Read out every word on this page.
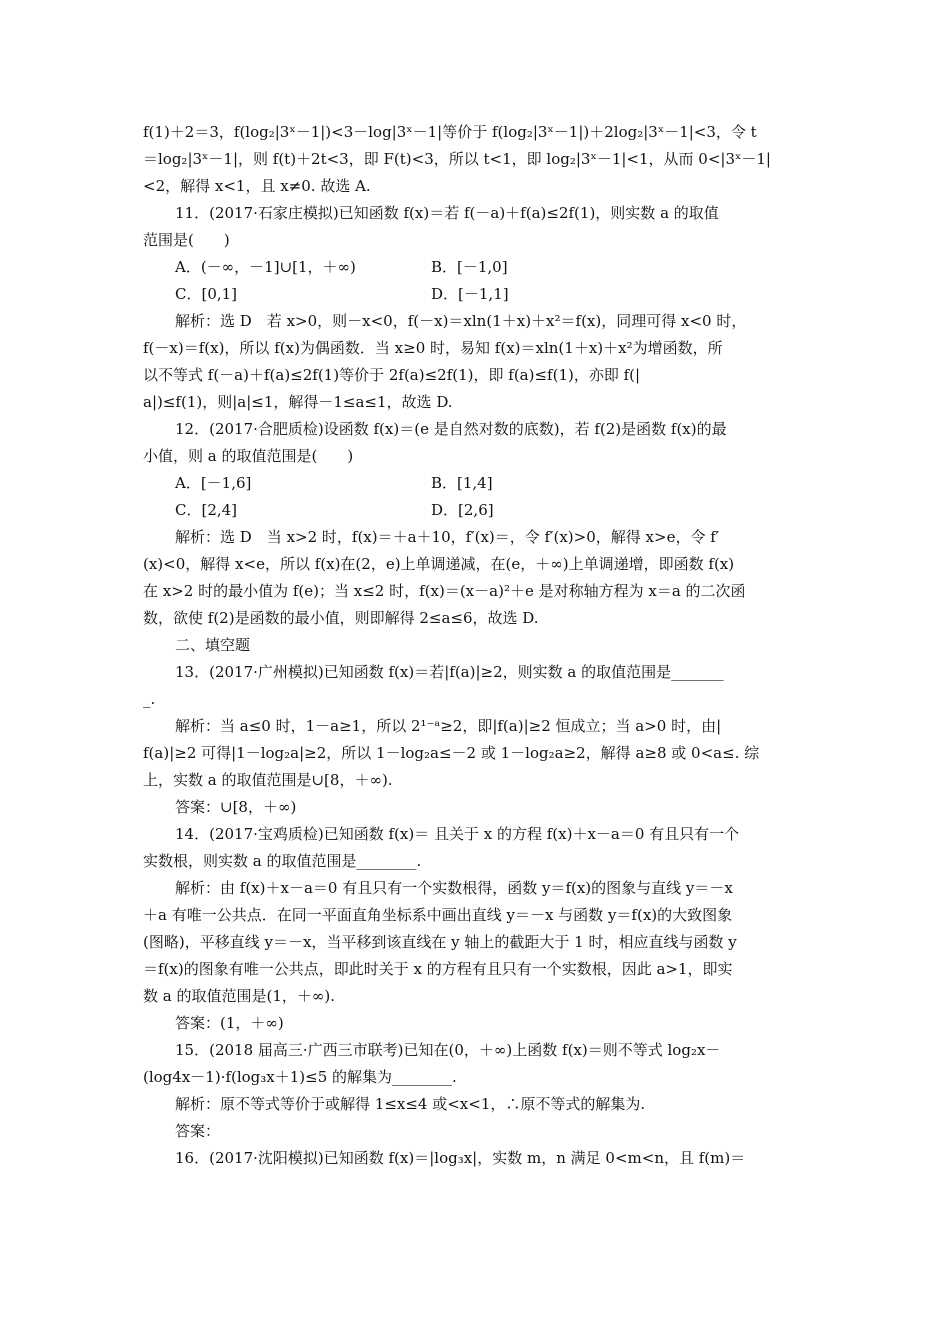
f(1)＋2＝3，f(log₂|3ˣ－1|)<3－log|3ˣ－1|等价于 f(log₂|3ˣ－1|)＋2log₂|3ˣ－1|<3，令 t
＝log₂|3ˣ－1|，则 f(t)＋2t<3，即 F(t)<3，所以 t<1，即 log₂|3ˣ－1|<1，从而 0<|3ˣ－1|
<2，解得 x<1，且 x≠0. 故选 A.
11．(2017·石家庄模拟)已知函数 f(x)＝若 f(－a)＋f(a)≤2f(1)，则实数 a 的取值
范围是(　　)
A．(－∞，－1]∪[1，＋∞)	B．[－1,0]
C．[0,1]	D．[－1,1]
解析：选 D　若 x>0，则－x<0，f(－x)＝xln(1＋x)＋x²＝f(x)，同理可得 x<0 时，
f(－x)＝f(x)，所以 f(x)为偶函数．当 x≥0 时，易知 f(x)＝xln(1＋x)＋x²为增函数，所
以不等式 f(－a)＋f(a)≤2f(1)等价于 2f(a)≤2f(1)，即 f(a)≤f(1)，亦即 f(|
a|)≤f(1)，则|a|≤1，解得－1≤a≤1，故选 D.
12．(2017·合肥质检)设函数 f(x)＝(e 是自然对数的底数)，若 f(2)是函数 f(x)的最
小值，则 a 的取值范围是(　　)
A．[－1,6]	B．[1,4]
C．[2,4]	D．[2,6]
解析：选 D　当 x>2 时，f(x)＝＋a＋10，f′(x)＝，令 f′(x)>0，解得 x>e，令 f′
(x)<0，解得 x<e，所以 f(x)在(2，e)上单调递减，在(e，＋∞)上单调递增，即函数 f(x)
在 x>2 时的最小值为 f(e)；当 x≤2 时，f(x)＝(x－a)²＋e 是对称轴方程为 x＝a 的二次函
数，欲使 f(2)是函数的最小值，则即解得 2≤a≤6，故选 D.
二、填空题
13．(2017·广州模拟)已知函数 f(x)＝若|f(a)|≥2，则实数 a 的取值范围是_______
_.
解析：当 a≤0 时，1－a≥1，所以 2¹⁻ᵃ≥2，即|f(a)|≥2 恒成立；当 a>0 时，由|
f(a)|≥2 可得|1－log₂a|≥2，所以 1－log₂a≤－2 或 1－log₂a≥2，解得 a≥8 或 0<a≤. 综
上，实数 a 的取值范围是∪[8，＋∞).
答案：∪[8，＋∞)
14．(2017·宝鸡质检)已知函数 f(x)＝ 且关于 x 的方程 f(x)＋x－a＝0 有且只有一个
实数根，则实数 a 的取值范围是________.
解析：由 f(x)＋x－a＝0 有且只有一个实数根得，函数 y＝f(x)的图象与直线 y＝－x
＋a 有唯一公共点．在同一平面直角坐标系中画出直线 y＝－x 与函数 y＝f(x)的大致图象
(图略)，平移直线 y＝－x，当平移到该直线在 y 轴上的截距大于 1 时，相应直线与函数 y
＝f(x)的图象有唯一公共点，即此时关于 x 的方程有且只有一个实数根，因此 a>1，即实
数 a 的取值范围是(1，＋∞).
答案：(1，＋∞)
15．(2018 届高三·广西三市联考)已知在(0，＋∞)上函数 f(x)＝则不等式 log₂x－
(log4x－1)·f(log₃x＋1)≤5 的解集为________.
解析：原不等式等价于或解得 1≤x≤4 或<x<1，∴原不等式的解集为.
答案：
16．(2017·沈阳模拟)已知函数 f(x)＝|log₃x|，实数 m，n 满足 0<m<n，且 f(m)＝
